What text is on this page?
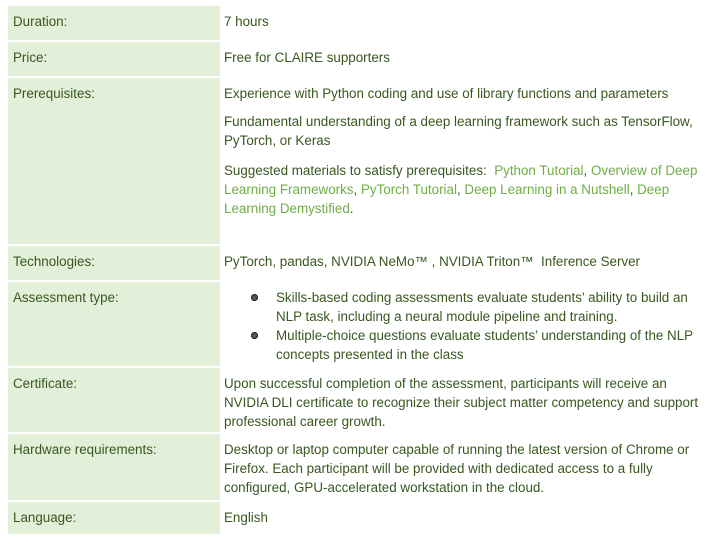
Duration:	7 hours
Price:	Free for CLAIRE supporters
Prerequisites:	Experience with Python coding and use of library functions and parameters

Fundamental understanding of a deep learning framework such as TensorFlow, PyTorch, or Keras

Suggested materials to satisfy prerequisites:  Python Tutorial, Overview of Deep Learning Frameworks, PyTorch Tutorial, Deep Learning in a Nutshell, Deep Learning Demystified.

Technologies:	PyTorch, pandas, NVIDIA NeMo™ , NVIDIA Triton™  Inference Server
Assessment type:	Skills-based coding assessments evaluate students’ ability to build an NLP task, including a neural module pipeline and training.
Multiple-choice questions evaluate students’ understanding of the NLP concepts presented in the class
Certificate:	Upon successful completion of the assessment, participants will receive an NVIDIA DLI certificate to recognize their subject matter competency and support professional career growth.
Hardware requirements:	Desktop or laptop computer capable of running the latest version of Chrome or Firefox. Each participant will be provided with dedicated access to a fully configured, GPU-accelerated workstation in the cloud.
Language:	English
